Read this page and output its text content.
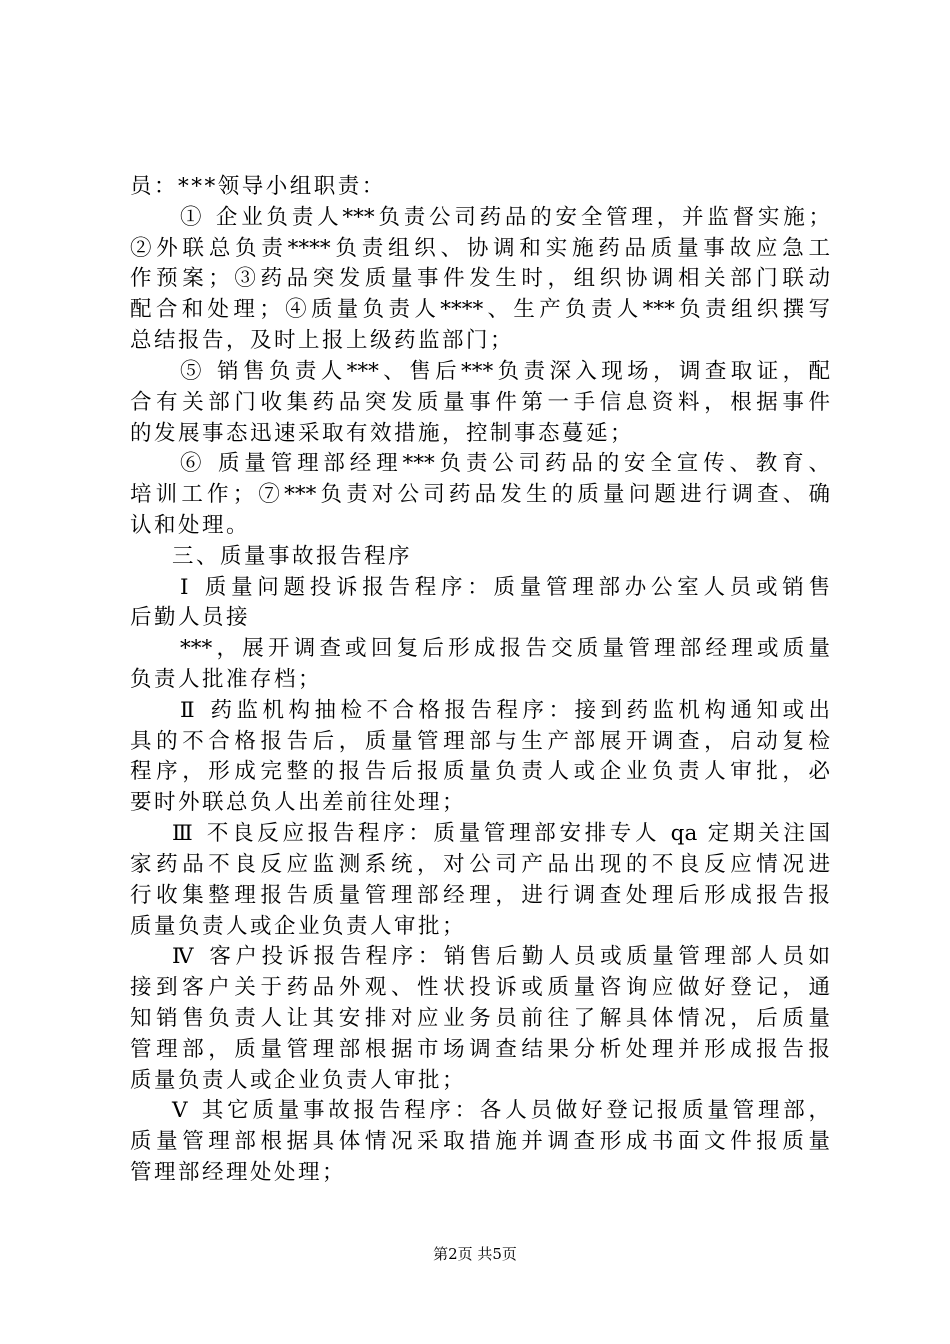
员：***领导小组职责：
① 企业负责人***负责公司药品的安全管理，并监督实施；
②外联总负责****负责组织、协调和实施药品质量事故应急工
作预案；③药品突发质量事件发生时，组织协调相关部门联动
配合和处理；④质量负责人****、生产负责人***负责组织撰写
总结报告，及时上报上级药监部门；
⑤ 销售负责人***、售后***负责深入现场，调查取证，配
合有关部门收集药品突发质量事件第一手信息资料，根据事件
的发展事态迅速采取有效措施，控制事态蔓延；
⑥ 质量管理部经理***负责公司药品的安全宣传、教育、
培训工作；⑦***负责对公司药品发生的质量问题进行调查、确
认和处理。
三、质量事故报告程序
Ⅰ 质量问题投诉报告程序：质量管理部办公室人员或销售
后勤人员接
***，展开调查或回复后形成报告交质量管理部经理或质量
负责人批准存档；
Ⅱ 药监机构抽检不合格报告程序：接到药监机构通知或出
具的不合格报告后，质量管理部与生产部展开调查，启动复检
程序，形成完整的报告后报质量负责人或企业负责人审批，必
要时外联总负人出差前往处理；
Ⅲ 不良反应报告程序：质量管理部安排专人 qa 定期关注国
家药品不良反应监测系统，对公司产品出现的不良反应情况进
行收集整理报告质量管理部经理，进行调查处理后形成报告报
质量负责人或企业负责人审批；
Ⅳ 客户投诉报告程序：销售后勤人员或质量管理部人员如
接到客户关于药品外观、性状投诉或质量咨询应做好登记，通
知销售负责人让其安排对应业务员前往了解具体情况，后质量
管理部，质量管理部根据市场调查结果分析处理并形成报告报
质量负责人或企业负责人审批；
Ⅴ 其它质量事故报告程序：各人员做好登记报质量管理部，
质量管理部根据具体情况采取措施并调查形成书面文件报质量
管理部经理处处理；
第2页 共5页
